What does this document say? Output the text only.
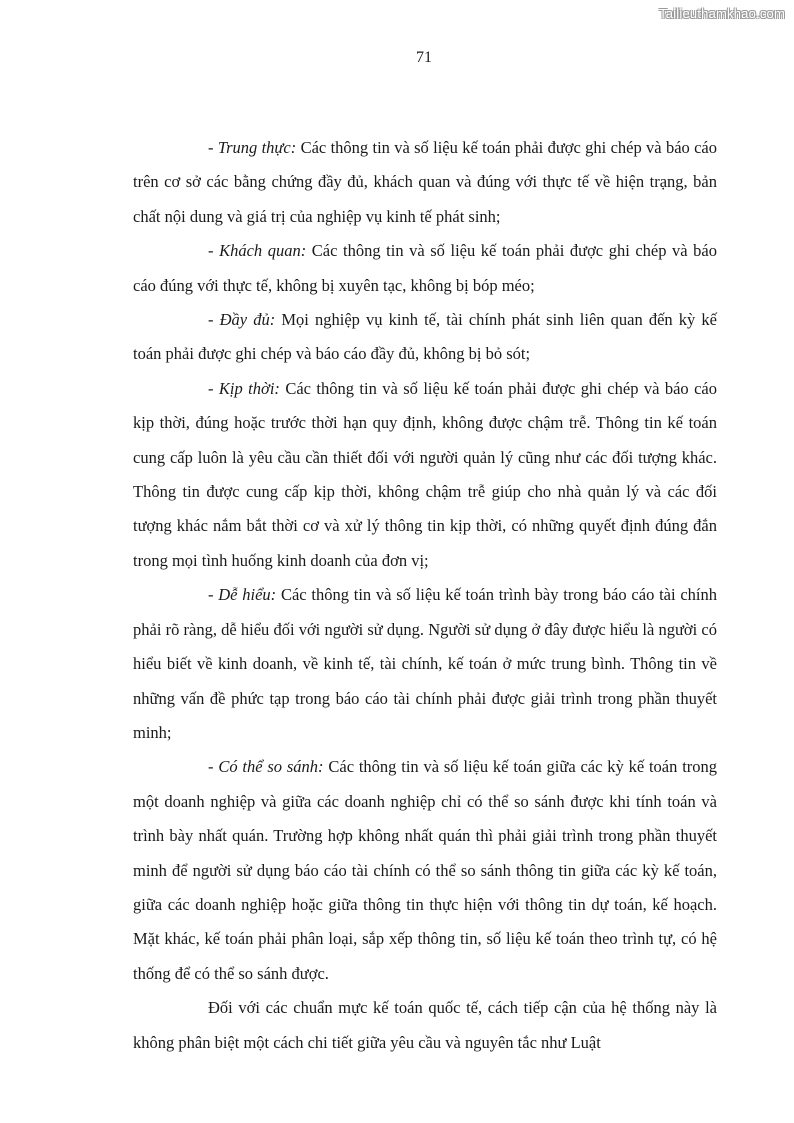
Tailieuthamkhao.com
71

- Trung thực: Các thông tin và số liệu kế toán phải được ghi chép và báo cáo trên cơ sở các bằng chứng đầy đủ, khách quan và đúng với thực tế về hiện trạng, bản chất nội dung và giá trị của nghiệp vụ kinh tế phát sinh;

- Khách quan: Các thông tin và số liệu kế toán phải được ghi chép và báo cáo đúng với thực tế, không bị xuyên tạc, không bị bóp méo;

- Đầy đủ: Mọi nghiệp vụ kinh tế, tài chính phát sinh liên quan đến kỳ kế toán phải được ghi chép và báo cáo đầy đủ, không bị bỏ sót;

- Kịp thời: Các thông tin và số liệu kế toán phải được ghi chép và báo cáo kịp thời, đúng hoặc trước thời hạn quy định, không được chậm trễ. Thông tin kế toán cung cấp luôn là yêu cầu cần thiết đối với người quản lý cũng như các đối tượng khác. Thông tin được cung cấp kịp thời, không chậm trễ giúp cho nhà quản lý và các đối tượng khác nắm bắt thời cơ và xử lý thông tin kịp thời, có những quyết định đúng đắn trong mọi tình huống kinh doanh của đơn vị;

- Dễ hiểu: Các thông tin và số liệu kế toán trình bày trong báo cáo tài chính phải rõ ràng, dễ hiểu đối với người sử dụng. Người sử dụng ở đây được hiểu là người có hiểu biết về kinh doanh, về kinh tế, tài chính, kế toán ở mức trung bình. Thông tin về những vấn đề phức tạp trong báo cáo tài chính phải được giải trình trong phần thuyết minh;

- Có thể so sánh: Các thông tin và số liệu kế toán giữa các kỳ kế toán trong một doanh nghiệp và giữa các doanh nghiệp chỉ có thể so sánh được khi tính toán và trình bày nhất quán. Trường hợp không nhất quán thì phải giải trình trong phần thuyết minh để người sử dụng báo cáo tài chính có thể so sánh thông tin giữa các kỳ kế toán, giữa các doanh nghiệp hoặc giữa thông tin thực hiện với thông tin dự toán, kế hoạch. Mặt khác, kế toán phải phân loại, sắp xếp thông tin, số liệu kế toán theo trình tự, có hệ thống để có thể so sánh được.

Đối với các chuẩn mực kế toán quốc tế, cách tiếp cận của hệ thống này là không phân biệt một cách chi tiết giữa yêu cầu và nguyên tắc như Luật
